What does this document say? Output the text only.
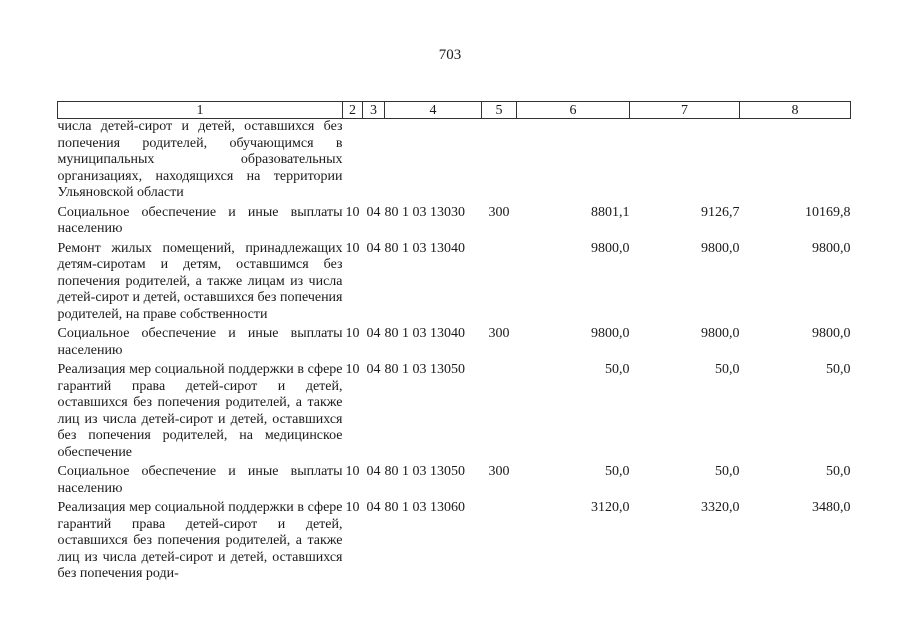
703
1	2	3	4	5	6	7	8
числа детей-сирот и детей, оставшихся без попечения родителей, обучающимся в муниципальных образовательных организациях, находящихся на территории Ульяновской области							
Социальное обеспечение и иные выплаты населению	10	04	80 1 03 13030	300	8801,1	9126,7	10169,8
Ремонт жилых помещений, принадлежащих детям-сиротам и детям, оставшимся без попечения родителей, а также лицам из числа детей-сирот и детей, оставшихся без попечения родителей, на праве собственности	10	04	80 1 03 13040		9800,0	9800,0	9800,0
Социальное обеспечение и иные выплаты населению	10	04	80 1 03 13040	300	9800,0	9800,0	9800,0
Реализация мер социальной поддержки в сфере гарантий права детей-сирот и детей, оставшихся без попечения родителей, а также лиц из числа детей-сирот и детей, оставшихся без попечения родителей, на медицинское обеспечение	10	04	80 1 03 13050		50,0	50,0	50,0
Социальное обеспечение и иные выплаты населению	10	04	80 1 03 13050	300	50,0	50,0	50,0
Реализация мер социальной поддержки в сфере гарантий права детей-сирот и детей, оставшихся без попечения родителей, а также лиц из числа детей-сирот и детей, оставшихся без попечения роди-	10	04	80 1 03 13060		3120,0	3320,0	3480,0
